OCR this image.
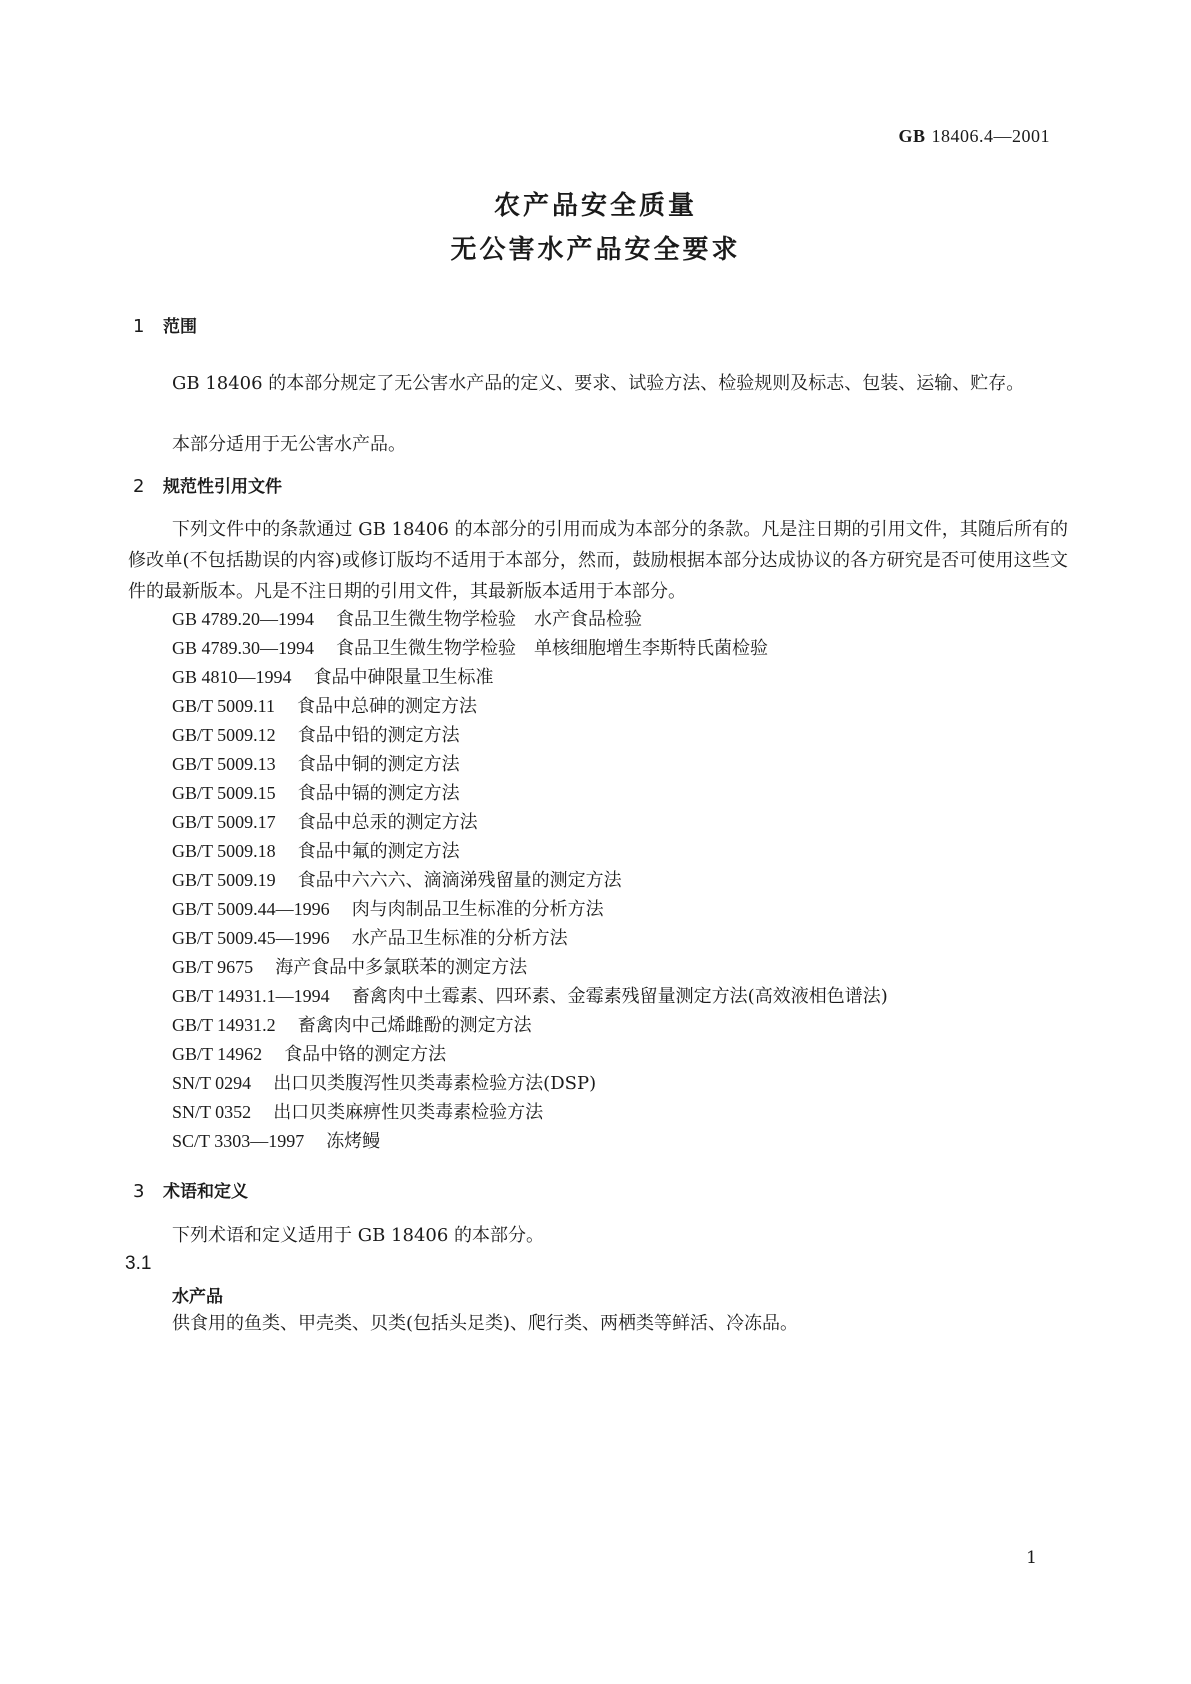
GB 18406.4—2001
农产品安全质量
无公害水产品安全要求
1 范围

GB 18406 的本部分规定了无公害水产品的定义、要求、试验方法、检验规则及标志、包装、运输、贮存。

本部分适用于无公害水产品。
2 规范性引用文件

下列文件中的条款通过 GB 18406 的本部分的引用而成为本部分的条款。凡是注日期的引用文件，其随后所有的修改单(不包括勘误的内容)或修订版均不适用于本部分，然而，鼓励根据本部分达成协议的各方研究是否可使用这些文件的最新版本。凡是不注日期的引用文件，其最新版本适用于本部分。

GB 4789.20—1994 食品卫生微生物学检验　水产食品检验
GB 4789.30—1994 食品卫生微生物学检验　单核细胞增生李斯特氏菌检验
GB 4810—1994 食品中砷限量卫生标准
GB/T 5009.11 食品中总砷的测定方法
GB/T 5009.12 食品中铅的测定方法
GB/T 5009.13 食品中铜的测定方法
GB/T 5009.15 食品中镉的测定方法
GB/T 5009.17 食品中总汞的测定方法
GB/T 5009.18 食品中氟的测定方法
GB/T 5009.19 食品中六六六、滴滴涕残留量的测定方法
GB/T 5009.44—1996 肉与肉制品卫生标准的分析方法
GB/T 5009.45—1996 水产品卫生标准的分析方法
GB/T 9675 海产食品中多氯联苯的测定方法
GB/T 14931.1—1994 畜禽肉中土霉素、四环素、金霉素残留量测定方法(高效液相色谱法)
GB/T 14931.2 畜禽肉中己烯雌酚的测定方法
GB/T 14962 食品中铬的测定方法
SN/T 0294 出口贝类腹泻性贝类毒素检验方法(DSP)
SN/T 0352 出口贝类麻痹性贝类毒素检验方法
SC/T 3303—1997 冻烤鳗
3 术语和定义
下列术语和定义适用于 GB 18406 的本部分。
3.1
水产品
供食用的鱼类、甲壳类、贝类(包括头足类)、爬行类、两栖类等鲜活、冷冻品。
1
